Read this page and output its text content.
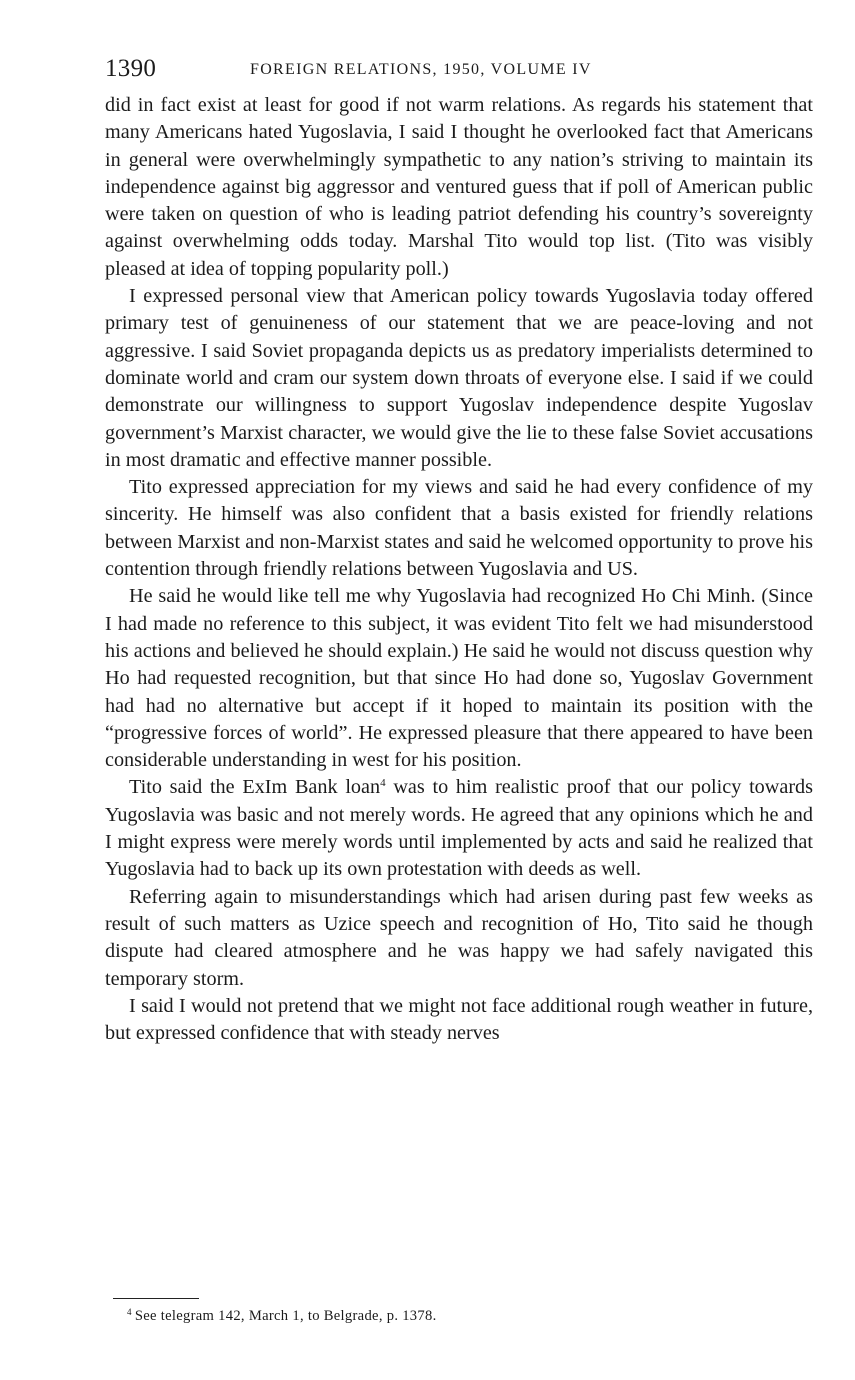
1390	FOREIGN RELATIONS, 1950, VOLUME IV

did in fact exist at least for good if not warm relations. As regards his statement that many Americans hated Yugoslavia, I said I thought he overlooked fact that Americans in general were overwhelmingly sympathetic to any nation’s striving to maintain its independence against big aggressor and ventured guess that if poll of American public were taken on question of who is leading patriot defending his country’s sovereignty against overwhelming odds today. Marshal Tito would top list. (Tito was visibly pleased at idea of topping popularity poll.)

I expressed personal view that American policy towards Yugoslavia today offered primary test of genuineness of our statement that we are peace-loving and not aggressive. I said Soviet propaganda depicts us as predatory imperialists determined to dominate world and cram our system down throats of everyone else. I said if we could demonstrate our willingness to support Yugoslav independence despite Yugoslav government’s Marxist character, we would give the lie to these false Soviet accusations in most dramatic and effective manner possible.

Tito expressed appreciation for my views and said he had every confidence of my sincerity. He himself was also confident that a basis existed for friendly relations between Marxist and non-Marxist states and said he welcomed opportunity to prove his contention through friendly relations between Yugoslavia and US.

He said he would like tell me why Yugoslavia had recognized Ho Chi Minh. (Since I had made no reference to this subject, it was evident Tito felt we had misunderstood his actions and believed he should explain.) He said he would not discuss question why Ho had requested recognition, but that since Ho had done so, Yugoslav Government had had no alternative but accept if it hoped to maintain its position with the “progressive forces of world”. He expressed pleasure that there appeared to have been considerable understanding in west for his position.

Tito said the ExIm Bank loan$^4$ was to him realistic proof that our policy towards Yugoslavia was basic and not merely words. He agreed that any opinions which he and I might express were merely words until implemented by acts and said he realized that Yugoslavia had to back up its own protestation with deeds as well.

Referring again to misunderstandings which had arisen during past few weeks as result of such matters as Uzice speech and recognition of Ho, Tito said he though dispute had cleared atmosphere and he was happy we had safely navigated this temporary storm.

I said I would not pretend that we might not face additional rough weather in future, but expressed confidence that with steady nerves

$^4$ See telegram 142, March 1, to Belgrade, p. 1378.
